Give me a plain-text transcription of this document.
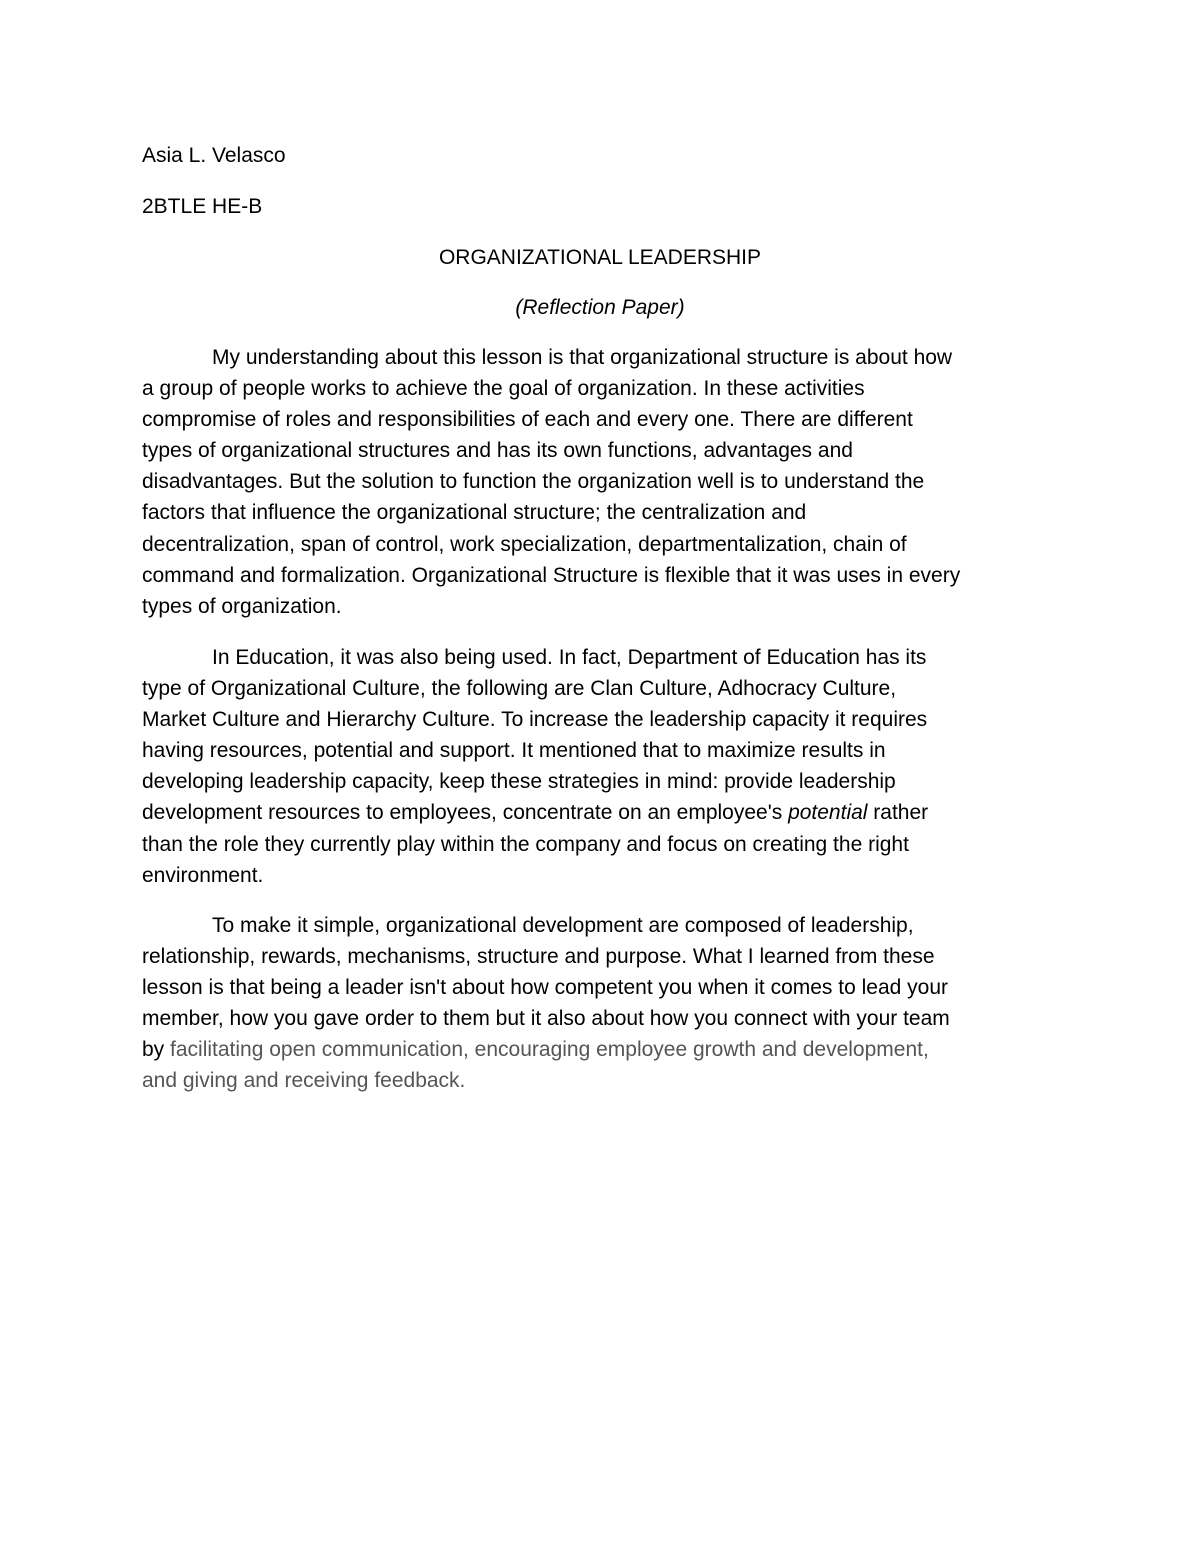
Asia L. Velasco
2BTLE HE-B
ORGANIZATIONAL LEADERSHIP
(Reflection Paper)
My understanding about this lesson is that organizational structure is about how
a group of people works to achieve the goal of organization. In these activities
compromise of roles and responsibilities of each and every one. There are different
types of organizational structures and has its own functions, advantages and
disadvantages. But the solution to function the organization well is to understand the
factors that influence the organizational structure; the centralization and
decentralization, span of control, work specialization, departmentalization, chain of
command and formalization. Organizational Structure is flexible that it was uses in every
types of organization.
In Education, it was also being used. In fact, Department of Education has its
type of Organizational Culture, the following are Clan Culture, Adhocracy Culture,
Market Culture and Hierarchy Culture. To increase the leadership capacity it requires
having resources, potential and support. It mentioned that to maximize results in
developing leadership capacity, keep these strategies in mind: provide leadership
development resources to employees, concentrate on an employee's potential rather
than the role they currently play within the company and focus on creating the right
environment.
To make it simple, organizational development are composed of leadership,
relationship, rewards, mechanisms, structure and purpose. What I learned from these
lesson is that being a leader isn't about how competent you when it comes to lead your
member, how you gave order to them but it also about how you connect with your team
by facilitating open communication, encouraging employee growth and development,
and giving and receiving feedback.
